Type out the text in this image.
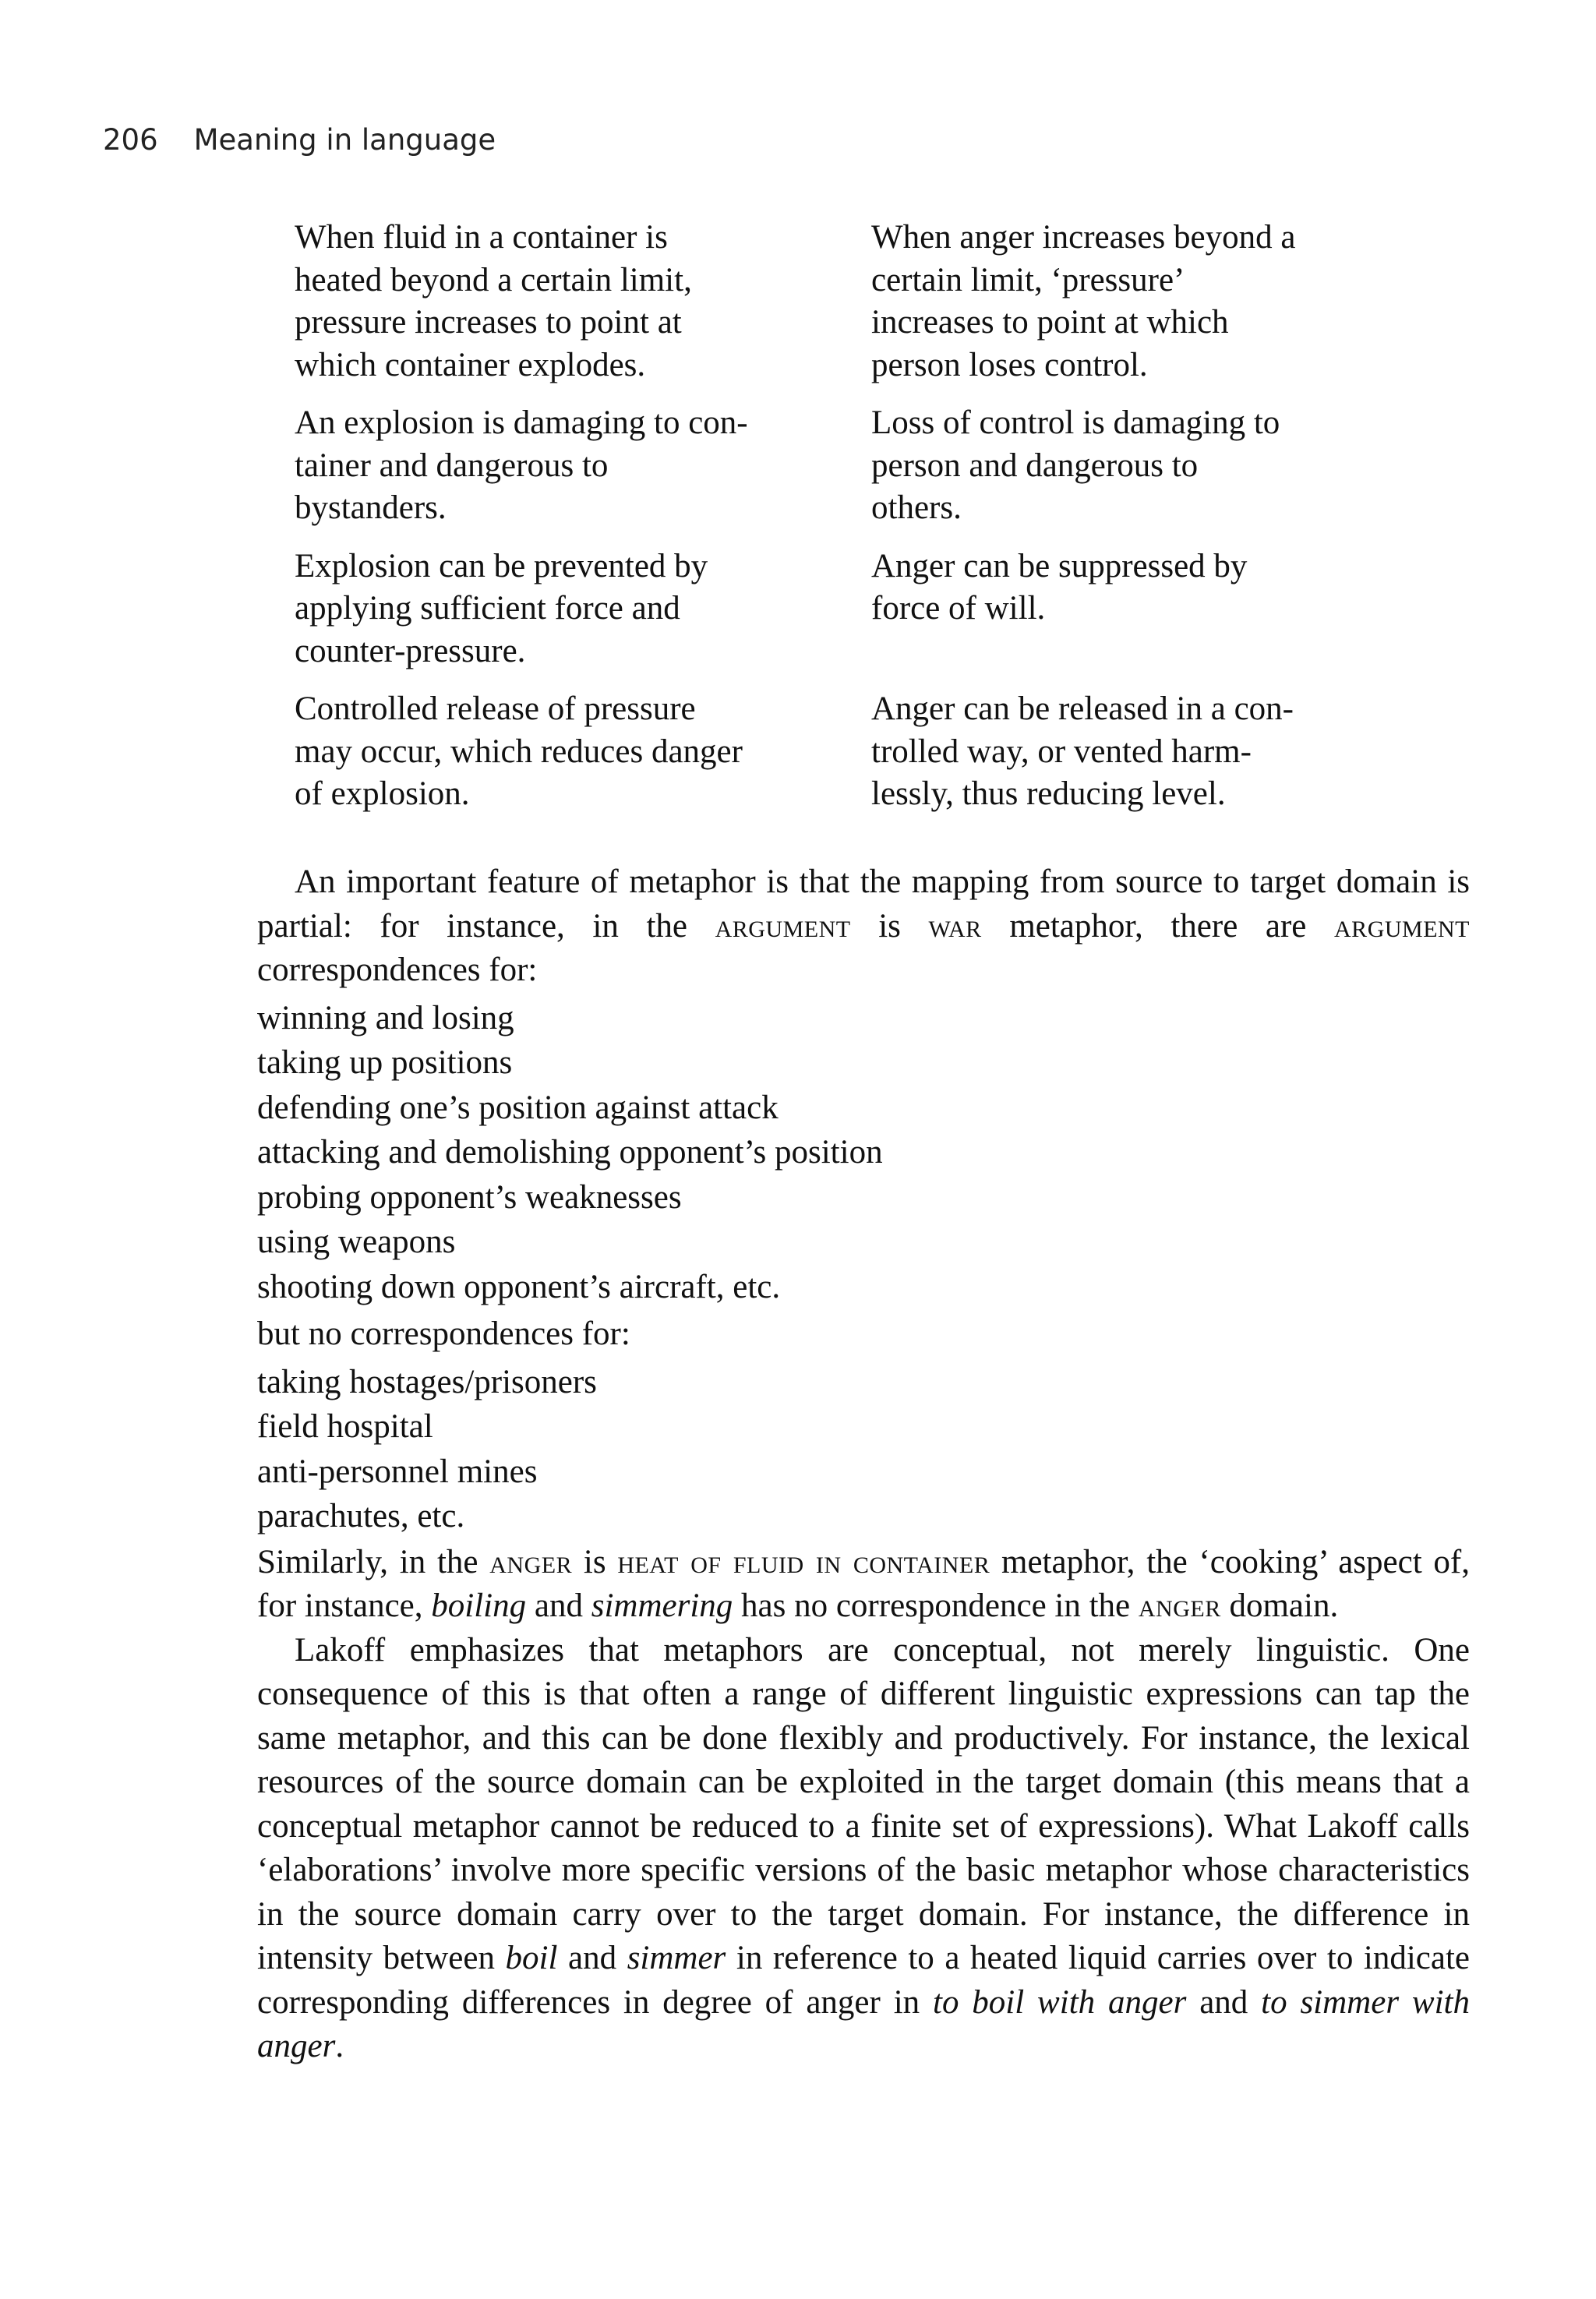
206 Meaning in language
When fluid in a container is
heated beyond a certain limit,
pressure increases to point at
which container explodes.
When anger increases beyond a
certain limit, ‘pressure’
increases to point at which
person loses control.
An explosion is damaging to con-
tainer and dangerous to
bystanders.
Loss of control is damaging to
person and dangerous to
others.
Explosion can be prevented by
applying sufficient force and
counter-pressure.
Anger can be suppressed by
force of will.
Controlled release of pressure
may occur, which reduces danger
of explosion.
Anger can be released in a con-
trolled way, or vented harm-
lessly, thus reducing level.

An important feature of metaphor is that the mapping from source to target domain is partial: for instance, in the argument is war metaphor, there are argument correspondences for:

winning and losing
taking up positions
defending one’s position against attack
attacking and demolishing opponent’s position
probing opponent’s weaknesses
using weapons
shooting down opponent’s aircraft, etc.

but no correspondences for:

taking hostages/prisoners
field hospital
anti-personnel mines
parachutes, etc.

Similarly, in the anger is heat of fluid in container metaphor, the ‘cooking’ aspect of, for instance, boiling and simmering has no correspondence in the anger domain.

Lakoff emphasizes that metaphors are conceptual, not merely linguistic. One consequence of this is that often a range of different linguistic expressions can tap the same metaphor, and this can be done flexibly and productively. For instance, the lexical resources of the source domain can be exploited in the target domain (this means that a conceptual metaphor cannot be reduced to a finite set of expressions). What Lakoff calls ‘elaborations’ involve more specific versions of the basic metaphor whose characteristics in the source domain carry over to the target domain. For instance, the difference in intensity between boil and simmer in reference to a heated liquid carries over to indicate corresponding differences in degree of anger in to boil with anger and to simmer with anger.
